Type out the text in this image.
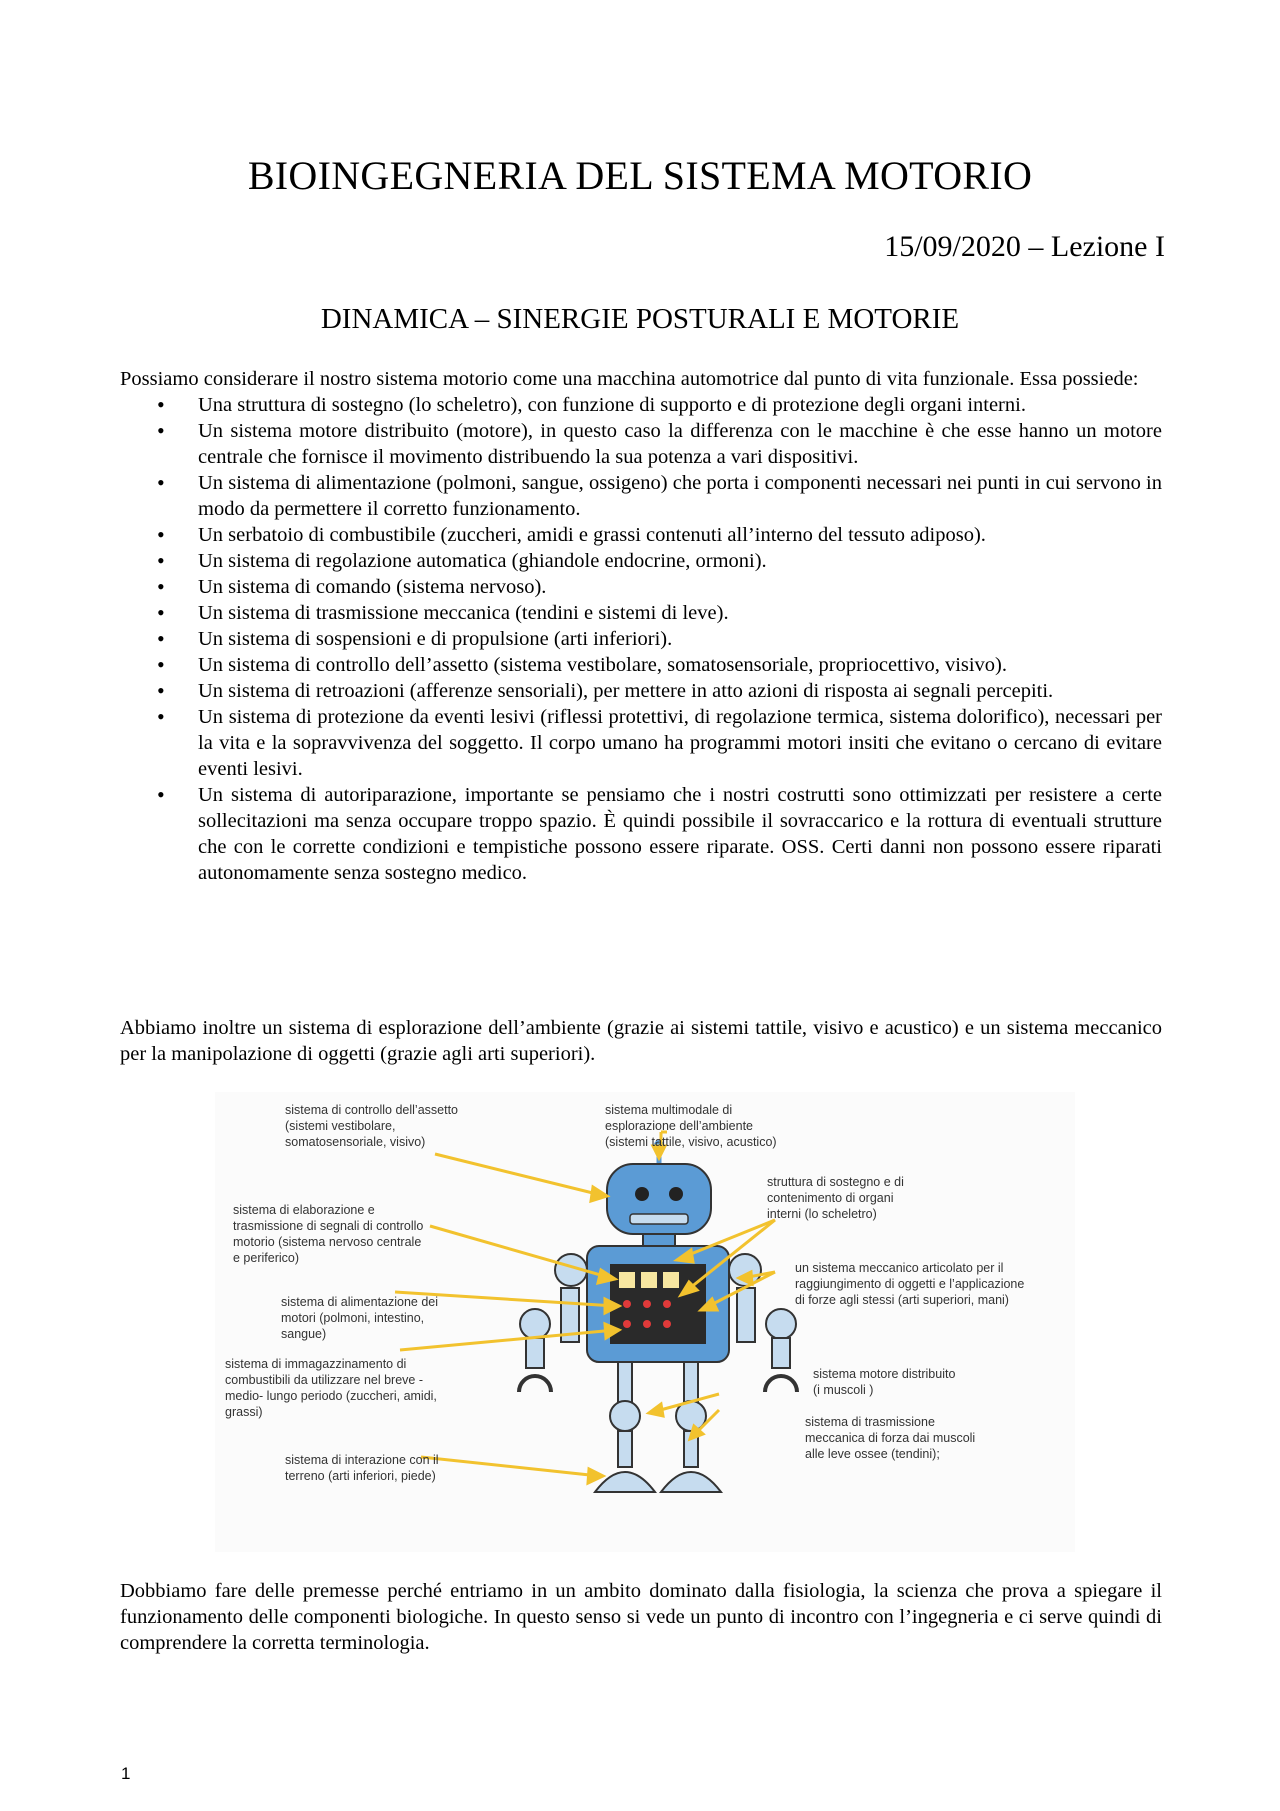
BIOINGEGNERIA DEL SISTEMA MOTORIO
15/09/2020 – Lezione I
DINAMICA – SINERGIE POSTURALI E MOTORIE

Possiamo considerare il nostro sistema motorio come una macchina automotrice dal punto di vita funzionale. Essa possiede:

• Una struttura di sostegno (lo scheletro), con funzione di supporto e di protezione degli organi interni.
• Un sistema motore distribuito (motore), in questo caso la differenza con le macchine è che esse hanno un motore centrale che fornisce il movimento distribuendo la sua potenza a vari dispositivi.
• Un sistema di alimentazione (polmoni, sangue, ossigeno) che porta i componenti necessari nei punti in cui servono in modo da permettere il corretto funzionamento.
• Un serbatoio di combustibile (zuccheri, amidi e grassi contenuti all’interno del tessuto adiposo).
• Un sistema di regolazione automatica (ghiandole endocrine, ormoni).
• Un sistema di comando (sistema nervoso).
• Un sistema di trasmissione meccanica (tendini e sistemi di leve).
• Un sistema di sospensioni e di propulsione (arti inferiori).
• Un sistema di controllo dell’assetto (sistema vestibolare, somatosensoriale, propriocettivo, visivo).
• Un sistema di retroazioni (afferenze sensoriali), per mettere in atto azioni di risposta ai segnali percepiti.
• Un sistema di protezione da eventi lesivi (riflessi protettivi, di regolazione termica, sistema dolorifico), necessari per la vita e la sopravvivenza del soggetto. Il corpo umano ha programmi motori insiti che evitano o cercano di evitare eventi lesivi.
• Un sistema di autoriparazione, importante se pensiamo che i nostri costrutti sono ottimizzati per resistere a certe sollecitazioni ma senza occupare troppo spazio. È quindi possibile il sovraccarico e la rottura di eventuali strutture che con le corrette condizioni e tempistiche possono essere riparate. OSS. Certi danni non possono essere riparati autonomamente senza sostegno medico.

Abbiamo inoltre un sistema di esplorazione dell’ambiente (grazie ai sistemi tattile, visivo e acustico) e un sistema meccanico per la manipolazione di oggetti (grazie agli arti superiori).

sistema di controllo dell’assetto
(sistemi vestibolare,
somatosensoriale, visivo)
sistema multimodale di
esplorazione dell’ambiente
(sistemi tattile, visivo, acustico)
struttura di sostegno e di
contenimento di organi
interni (lo scheletro)
sistema di elaborazione e
trasmissione di segnali di controllo
motorio (sistema nervoso centrale
e periferico)
un sistema meccanico articolato per il
raggiungimento di oggetti e l’applicazione
di forze agli stessi (arti superiori, mani)
sistema di alimentazione dei
motori (polmoni, intestino,
sangue)
sistema di immagazzinamento di
combustibili da utilizzare nel breve -
medio- lungo periodo (zuccheri, amidi,
grassi)
sistema motore distribuito
(i muscoli )
sistema di trasmissione
meccanica di forza dai muscoli
alle leve ossee (tendini);
sistema di interazione con il
terreno (arti inferiori, piede)

Dobbiamo fare delle premesse perché entriamo in un ambito dominato dalla fisiologia, la scienza che prova a spiegare il funzionamento delle componenti biologiche. In questo senso si vede un punto di incontro con l’ingegneria e ci serve quindi di comprendere la corretta terminologia.

1
